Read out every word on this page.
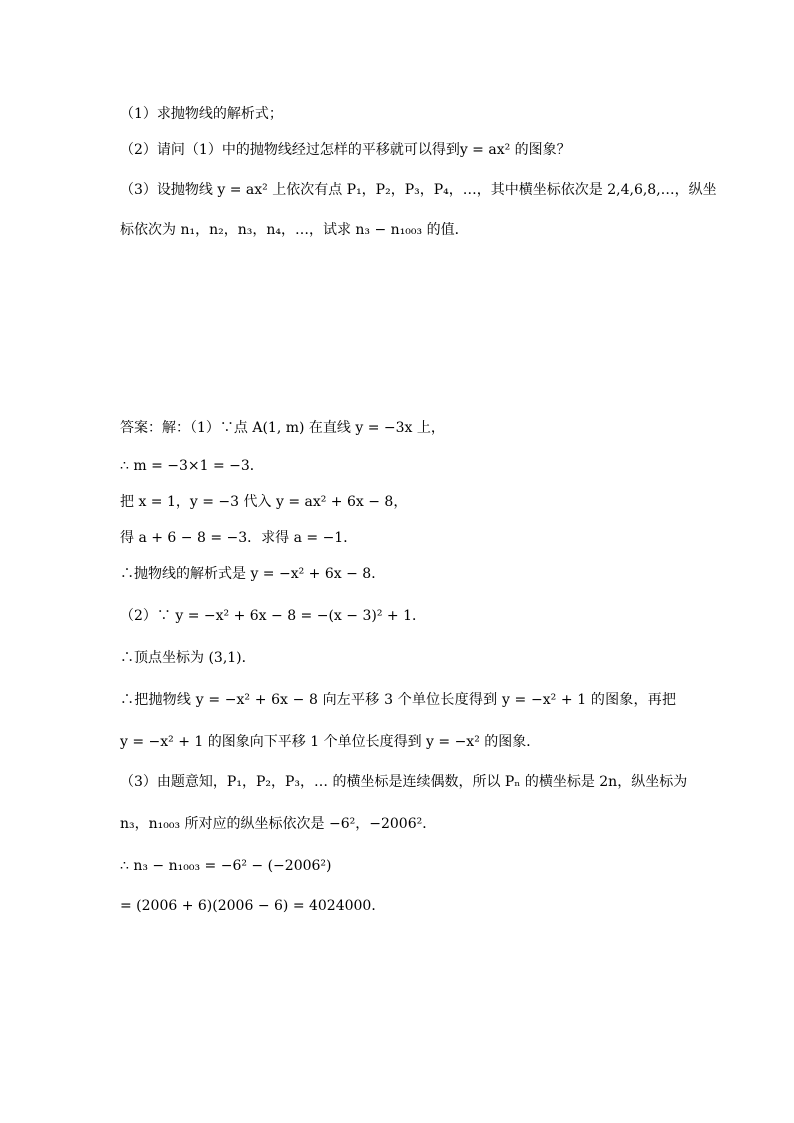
（1）求抛物线的解析式；
（2）请问（1）中的抛物线经过怎样的平移就可以得到y = ax² 的图象？
（3）设抛物线 y = ax² 上依次有点 P₁，P₂，P₃，P₄，…，其中横坐标依次是 2,4,6,8,…，纵坐
标依次为 n₁，n₂，n₃，n₄，…，试求 n₃ − n₁₀₀₃ 的值．
答案：解：（1）∵点 A(1, m) 在直线 y = −3x 上，
∴ m = −3×1 = −3．
把 x = 1，y = −3 代入 y = ax² + 6x − 8，
得 a + 6 − 8 = −3．求得 a = −1．
∴抛物线的解析式是 y = −x² + 6x − 8．
（2）∵ y = −x² + 6x − 8 = −(x − 3)² + 1．
∴顶点坐标为 (3,1)．
∴把抛物线 y = −x² + 6x − 8 向左平移 3 个单位长度得到 y = −x² + 1 的图象，再把
y = −x² + 1 的图象向下平移 1 个单位长度得到 y = −x² 的图象．
（3）由题意知，P₁，P₂，P₃，… 的横坐标是连续偶数，所以 Pₙ 的横坐标是 2n，纵坐标为
n₃，n₁₀₀₃ 所对应的纵坐标依次是 −6²，−2006²．
∴ n₃ − n₁₀₀₃ = −6² − (−2006²)
= (2006 + 6)(2006 − 6) = 4024000．
